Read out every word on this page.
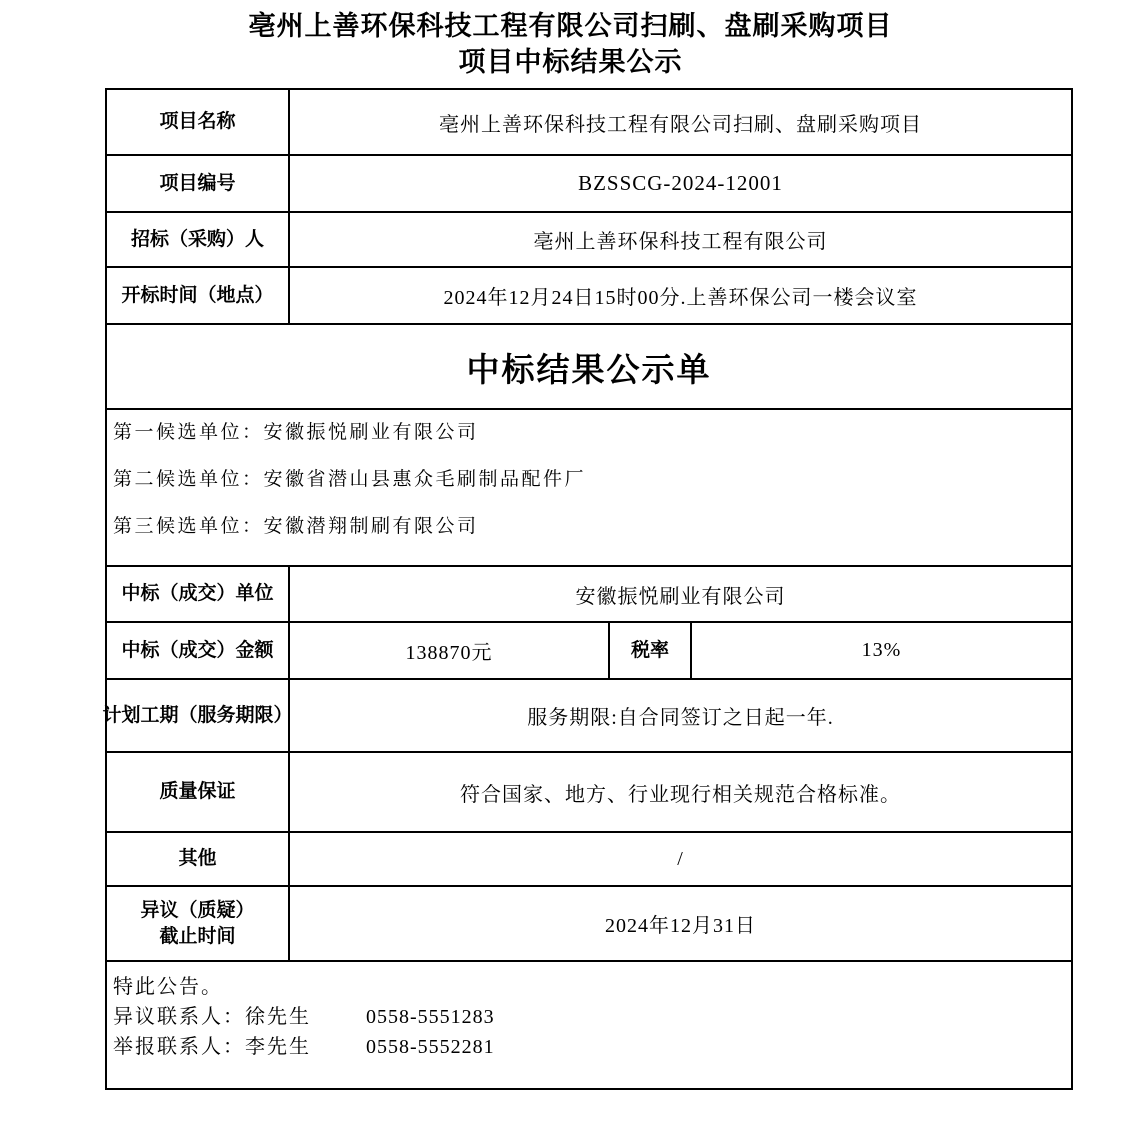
亳州上善环保科技工程有限公司扫刷、盘刷采购项目
项目中标结果公示
项目名称	亳州上善环保科技工程有限公司扫刷、盘刷采购项目
项目编号	BZSSCG-2024-12001
招标（采购）人	亳州上善环保科技工程有限公司
开标时间（地点）	2024年12月24日15时00分.上善环保公司一楼会议室
中标结果公示单
第一候选单位：安徽振悦刷业有限公司
第二候选单位：安徽省潜山县惠众毛刷制品配件厂
第三候选单位：安徽潜翔制刷有限公司
中标（成交）单位	安徽振悦刷业有限公司
中标（成交）金额	138870元	税率	13%
计划工期（服务期限）	服务期限:自合同签订之日起一年.
质量保证	符合国家、地方、行业现行相关规范合格标准。
其他	/
异议（质疑）
截止时间	2024年12月31日
特此公告。
异议联系人：徐先生	0558-5551283
举报联系人：李先生	0558-5552281
